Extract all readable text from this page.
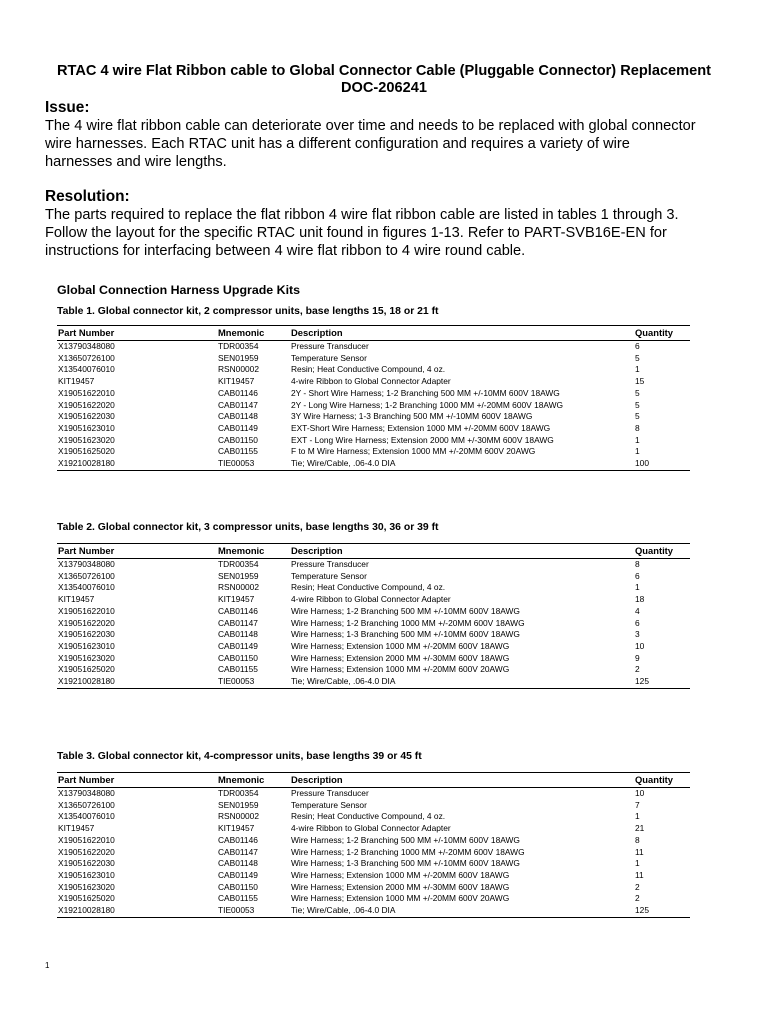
RTAC 4 wire Flat Ribbon cable to Global Connector Cable (Pluggable Connector) Replacement
DOC-206241
Issue:

The 4 wire flat ribbon cable can deteriorate over time and needs to be replaced with global connector
wire harnesses. Each RTAC unit has a different configuration and requires a variety of wire
harnesses and wire lengths.

Resolution:

The parts required to replace the flat ribbon 4 wire flat ribbon cable are listed in tables 1 through 3.
Follow the layout for the specific RTAC unit found in figures 1-13. Refer to PART-SVB16E-EN for
instructions for interfacing between 4 wire flat ribbon to 4 wire round cable.

Global Connection Harness Upgrade Kits

Table 1. Global connector kit, 2 compressor units, base lengths 15, 18 or 21 ft

Part Number	Mnemonic	Description	Quantity
X13790348080	TDR00354	Pressure Transducer	6
X13650726100	SEN01959	Temperature Sensor	5
X13540076010	RSN00002	Resin; Heat Conductive Compound, 4 oz.	1
KIT19457	KIT19457	4-wire Ribbon to Global Connector Adapter	15
X19051622010	CAB01146	2Y - Short Wire Harness; 1-2 Branching 500 MM +/-10MM 600V 18AWG	5
X19051622020	CAB01147	2Y - Long Wire Harness; 1-2 Branching 1000 MM +/-20MM 600V 18AWG	5
X19051622030	CAB01148	3Y Wire Harness; 1-3 Branching 500 MM +/-10MM 600V 18AWG	5
X19051623010	CAB01149	EXT-Short Wire Harness; Extension 1000 MM +/-20MM 600V 18AWG	8
X19051623020	CAB01150	EXT - Long Wire Harness; Extension 2000 MM +/-30MM 600V 18AWG	1
X19051625020	CAB01155	F to M Wire Harness; Extension 1000 MM +/-20MM 600V 20AWG	1
X19210028180	TIE00053	Tie; Wire/Cable, .06-4.0 DIA	100

Table 2. Global connector kit, 3 compressor units, base lengths 30, 36 or 39 ft

Part Number	Mnemonic	Description	Quantity
X13790348080	TDR00354	Pressure Transducer	8
X13650726100	SEN01959	Temperature Sensor	6
X13540076010	RSN00002	Resin; Heat Conductive Compound, 4 oz.	1
KIT19457	KIT19457	4-wire Ribbon to Global Connector Adapter	18
X19051622010	CAB01146	Wire Harness; 1-2 Branching 500 MM +/-10MM 600V 18AWG	4
X19051622020	CAB01147	Wire Harness; 1-2 Branching 1000 MM +/-20MM 600V 18AWG	6
X19051622030	CAB01148	Wire Harness; 1-3 Branching 500 MM +/-10MM 600V 18AWG	3
X19051623010	CAB01149	Wire Harness; Extension 1000 MM +/-20MM 600V 18AWG	10
X19051623020	CAB01150	Wire Harness; Extension 2000 MM +/-30MM 600V 18AWG	9
X19051625020	CAB01155	Wire Harness; Extension 1000 MM +/-20MM 600V 20AWG	2
X19210028180	TIE00053	Tie; Wire/Cable, .06-4.0 DIA	125

Table 3. Global connector kit, 4-compressor units, base lengths 39 or 45 ft

Part Number	Mnemonic	Description	Quantity
X13790348080	TDR00354	Pressure Transducer	10
X13650726100	SEN01959	Temperature Sensor	7
X13540076010	RSN00002	Resin; Heat Conductive Compound, 4 oz.	1
KIT19457	KIT19457	4-wire Ribbon to Global Connector Adapter	21
X19051622010	CAB01146	Wire Harness; 1-2 Branching 500 MM +/-10MM 600V 18AWG	8
X19051622020	CAB01147	Wire Harness; 1-2 Branching 1000 MM +/-20MM 600V 18AWG	11
X19051622030	CAB01148	Wire Harness; 1-3 Branching 500 MM +/-10MM 600V 18AWG	1
X19051623010	CAB01149	Wire Harness; Extension 1000 MM +/-20MM 600V 18AWG	11
X19051623020	CAB01150	Wire Harness; Extension 2000 MM +/-30MM 600V 18AWG	2
X19051625020	CAB01155	Wire Harness; Extension 1000 MM +/-20MM 600V 20AWG	2
X19210028180	TIE00053	Tie; Wire/Cable, .06-4.0 DIA	125

1
